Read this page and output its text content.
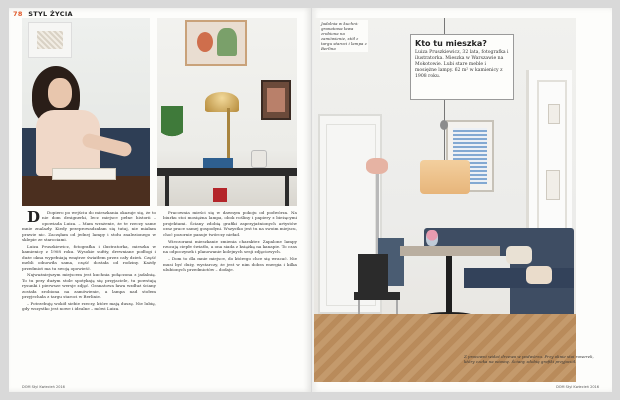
78 STYL ŻYCIA

D Dopiero po wejściu do mieszkania okazuje się, że to nie dom designerki, lecz miejsce pełne historii – opowiada Luiza. – Mam wrażenie, że te rzeczy same mnie znalazły. Kiedy przeprowadzałam się tutaj, nie miałam prawie nic. Zaczęłam od jednej lampy i stołu znalezionego w sklepie ze starociami.

Luiza Pruszkiewicz, fotografka i ilustratorka, mieszka w kamienicy z 1908 roku. Wysokie sufity, drewniane podłogi i duże okna wypełniają wnętrze światłem przez cały dzień. Część mebli odnowiła sama, część dostała od rodziny. Każdy przedmiot ma tu swoją opowieść.

Najważniejszym miejscem jest kuchnia połączona z jadalnią. To tu przy dużym stole spotykają się przyjaciele, tu powstają rysunki i pierwsze wersje zdjęć. Granatowa ława wzdłuż ściany została zrobiona na zamówienie, a lampa nad stołem przyjechała z targu staroci w Berlinie.

– Potrzebuję wokół siebie rzeczy, które mają duszę. Nie lubię, gdy wszystko jest nowe i idealne – mówi Luiza.

Pracownia mieści się w dawnym pokoju od podwórza. Na biurku stoi mosiężna lampa, obok rośliny i papiery z bieżącymi projektami. Ściany zdobią grafiki zaprzyjaźnionych artystów oraz prace samej gospodyni. Wszystko jest tu na swoim miejscu, choć pozornie panuje twórczy nieład.

Wieczorami mieszkanie zmienia charakter. Zapalone lampy rzucają ciepłe światło, a ona siada z książką na kanapie. To czas na odpoczynek i planowanie kolejnych sesji zdjęciowych.

– Dom to dla mnie miejsce, do którego chce się wracać. Nie musi być duży, wystarczy, że jest w nim dobra energia i kilka ulubionych przedmiotów – dodaje.

DOM Styl Kwiecień 2016
Jadalnia w kuchni: granatowa ława zrobiona na zamówienie, stół z targu staroci i lampa z Berlina
Kto tu mieszka?
Luiza Pruszkiewicz, 32 lata, fotografka i ilustratorka. Mieszka w Warszawie na Mokotowie. Lubi stare meble i mosiężne lampy. 62 m² w kamienicy z 1908 roku.
Z pracowni widać drzewa w podwórzu. Przy oknie stoi rowerek, który czeka na wiosnę. Ściany zdobią grafiki przyjaciół.
DOM Styl Kwiecień 2016
